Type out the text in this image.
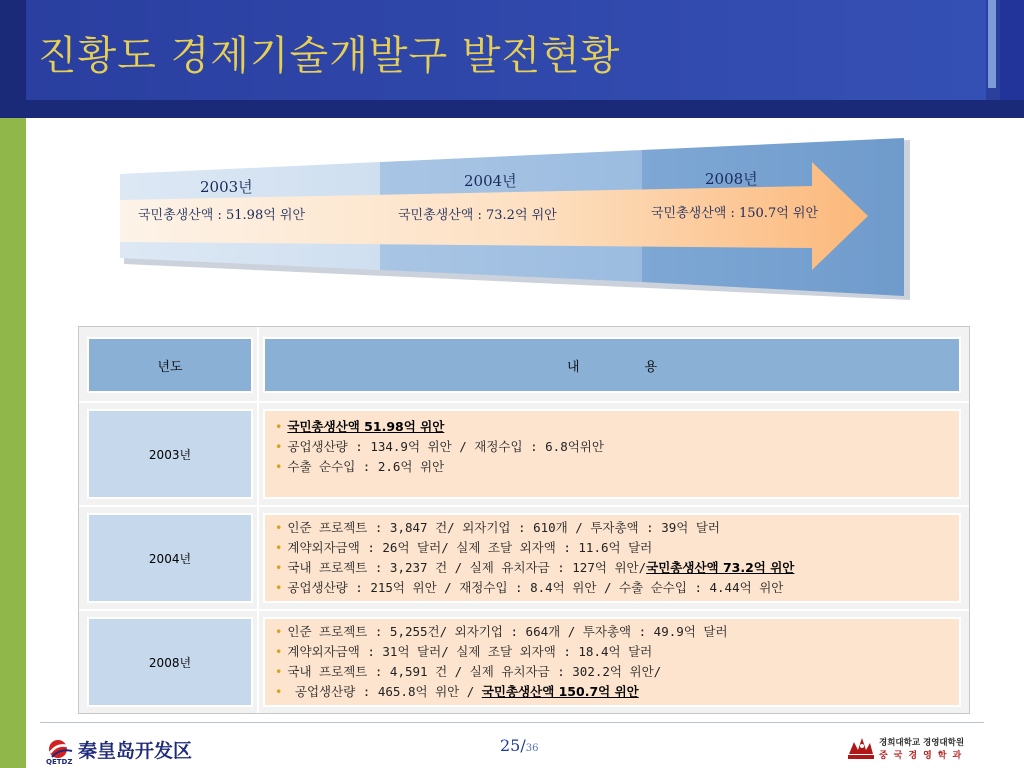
진황도 경제기술개발구 발전현황
2003년	2004년	2008년
국민총생산액 : 51.98억 위안	국민총생산액 : 73.2억 위안	국민총생산액 : 150.7억 위안
년도	내　　　　　용
2003년
• 국민총생산액 51.98억 위안
• 공업생산량 : 134.9억 위안 / 재정수입 : 6.8억위안
• 수출 순수입 : 2.6억 위안
2004년
• 인준 프로젝트 : 3,847 건/ 외자기업 : 610개 / 투자총액 : 39억 달러
• 계약외자금액 : 26억 달러/ 실제 조달 외자액 : 11.6억 달러
• 국내 프로젝트 : 3,237 건 / 실제 유치자금 : 127억 위안/국민총생산액 73.2억 위안
• 공업생산량 : 215억 위안 / 재정수입 : 8.4억 위안 / 수출 순수입 : 4.44억 위안
2008년
• 인준 프로젝트 : 5,255건/ 외자기업 : 664개 / 투자총액 : 49.9억 달러
• 계약외자금액 : 31억 달러/ 실제 조달 외자액 : 18.4억 달러
• 국내 프로젝트 : 4,591 건 / 실제 유치자금 : 302.2억 위안/
• 공업생산량 : 465.8억 위안 / 국민총생산액 150.7억 위안
秦皇岛开发区
QETDZ
25/36
경희대학교 경영대학원
중국경영학과
